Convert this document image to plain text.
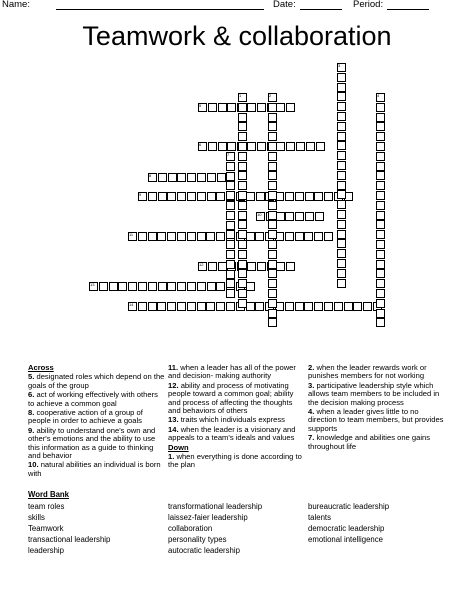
Name:	Date:	Period:
Teamwork & collaboration
5
6
8
9
10
11
12
13
14
1	2
3
4
7

Across

5. designated roles which depend on the goals of the group

6. act of working effectively with others to achieve a common goal

8. cooperative action of a group of people in order to achieve a goals

9. ability to understand one's own and other's emotions and the ability to use this information as a guide to thinking and behavior

10. natural abilities an individual is born with

11. when a leader has all of the power and decision- making authority

12. ability and process of motivating people toward a common goal; ability and process of affecting the thoughts and behaviors of others

13. traits which individuals express

14. when the leader is a visionary and appeals to a team's ideals and values

Down

1. when everything is done according to the plan

2. when the leader rewards work or punishes members for not working

3. participative leadership style which allows team members to be included in the decision making process

4. when a leader gives little to no direction to team members, but provides supports

7. knowledge and abilities one gains throughout life

Word Bank
team roles
skills
Teamwork
transactional leadership
leadership
transformational leadership
laissez-faier leadership
collaboration
personality types
autocratic leadership
bureaucratic leadership
talents
democratic leadership
emotional intelligence
